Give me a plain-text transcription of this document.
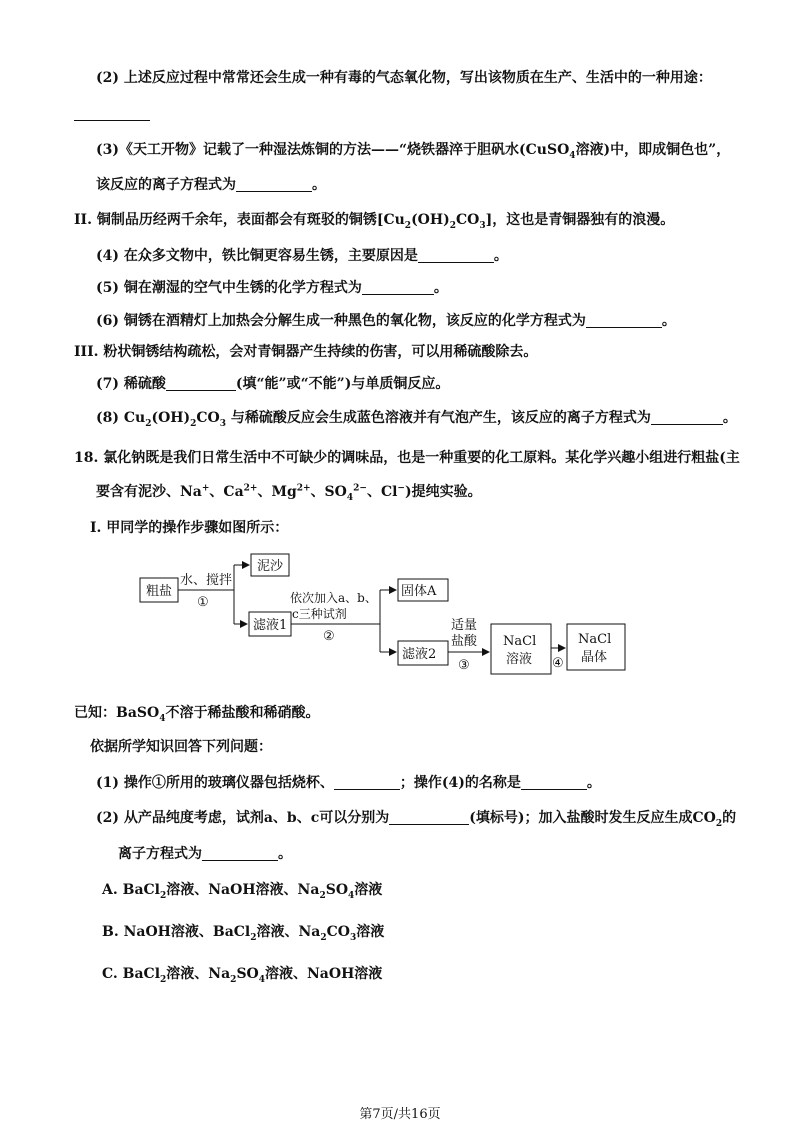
(2) 上述反应过程中常常还会生成一种有毒的气态氧化物，写出该物质在生产、生活中的一种用途：
(3)《天工开物》记载了一种湿法炼铜的方法——“烧铁器淬于胆矾水(CuSO$_4$溶液)中，即成铜色也”，
该反应的离子方程式为	。
II. 铜制品历经两千余年，表面都会有斑驳的铜锈$[Cu_2(OH)_2CO_3]$，这也是青铜器独有的浪漫。
(4) 在众多文物中，铁比铜更容易生锈，主要原因是	。
(5) 铜在潮湿的空气中生锈的化学方程式为	。
(6) 铜锈在酒精灯上加热会分解生成一种黑色的氧化物，该反应的化学方程式为	。
III. 粉状铜锈结构疏松，会对青铜器产生持续的伤害，可以用稀硫酸除去。
(7) 稀硫酸	(填“能”或“不能”)与单质铜反应。
(8) $Cu_2(OH)_2CO_3$ 与稀硫酸反应会生成蓝色溶液并有气泡产生，该反应的离子方程式为	。
18. 氯化钠既是我们日常生活中不可缺少的调味品，也是一种重要的化工原料。某化学兴趣小组进行粗盐(主
要含有泥沙、Na+、$Ca^{2+}$、$Mg^{2+}$、$SO_4^{2-}$、Cl−)提纯实验。
I. 甲同学的操作步骤如图所示：
粗盐
水、搅拌
①
泥沙
滤液1
依次加入a、b、
c三种试剂
②
固体A
滤液2
适量
盐酸
③
NaCl
溶液 ④
NaCl
晶体
已知：BaSO$_4$不溶于稀盐酸和稀硝酸。
依据所学知识回答下列问题：
(1) 操作①所用的玻璃仪器包括烧杯、	；操作(4)的名称是	。
(2) 从产品纯度考虑，试剂a、b、c可以分别为	(填标号)；加入盐酸时发生反应生成$CO_2$的
离子方程式为	。
A. BaCl$_2$溶液、NaOH溶液、$Na_2SO_4$溶液
B. NaOH溶液、BaCl$_2$溶液、$Na_2CO_3$溶液
C. BaCl$_2$溶液、$Na_2SO_4$溶液、NaOH溶液
第7页/共16页
